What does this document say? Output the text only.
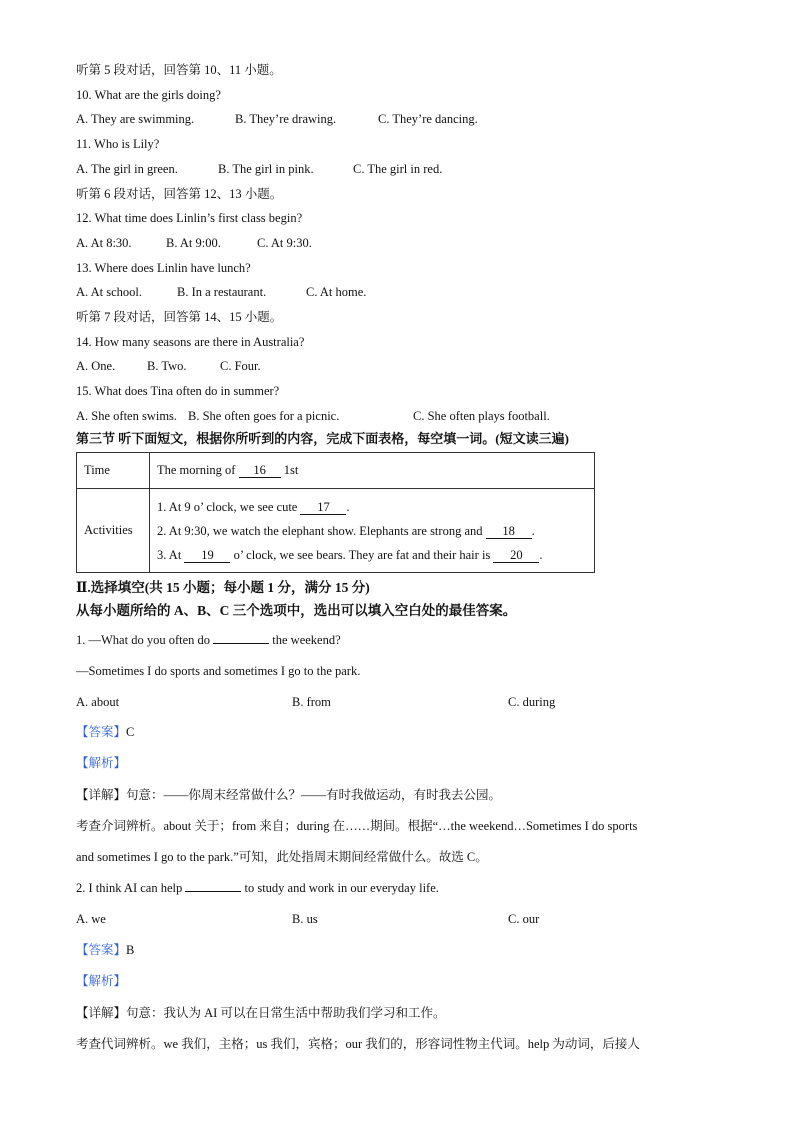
听第 5 段对话，回答第 10、11 小题。
10. What are the girls doing?
A. They are swimming.	B. They’re drawing.	C. They’re dancing.
11. Who is Lily?
A. The girl in green.	B. The girl in pink.	C. The girl in red.
听第 6 段对话，回答第 12、13 小题。
12. What time does Linlin’s first class begin?
A. At 8:30.	B. At 9:00.	C. At 9:30.
13. Where does Linlin have lunch?
A. At school.	B. In a restaurant.	C. At home.
听第 7 段对话，回答第 14、15 小题。
14. How many seasons are there in Australia?
A. One.	B. Two.	C. Four.
15. What does Tina often do in summer?
A. She often swims. B. She often goes for a picnic.	C. She often plays football.
第三节 听下面短文，根据你所听到的内容，完成下面表格，每空填一词。(短文读三遍)
Time	The morning of 16 1st
Activities	1. At 9 o’ clock, we see cute 17 .
2. At 9:30, we watch the elephant show. Elephants are strong and 18 .
3. At 19 o’ clock, we see bears. They are fat and their hair is 20 .
Ⅱ.选择填空(共 15 小题；每小题 1 分，满分 15 分)
从每小题所给的 A、B、C 三个选项中，选出可以填入空白处的最佳答案。
1. —What do you often do	the weekend?
—Sometimes I do sports and sometimes I go to the park.
A. about	B. from	C. during
【答案】C
【解析】
【详解】句意：——你周末经常做什么？——有时我做运动，有时我去公园。
考查介词辨析。about 关于；from 来自；during 在……期间。根据“…the weekend…Sometimes I do sports
and sometimes I go to the park.”可知，此处指周末期间经常做什么。故选 C。
2. I think AI can help	to study and work in our everyday life.
A. we	B. us	C. our
【答案】B
【解析】
【详解】句意：我认为 AI 可以在日常生活中帮助我们学习和工作。
考查代词辨析。we 我们，主格；us 我们，宾格；our 我们的，形容词性物主代词。help 为动词，后接人
